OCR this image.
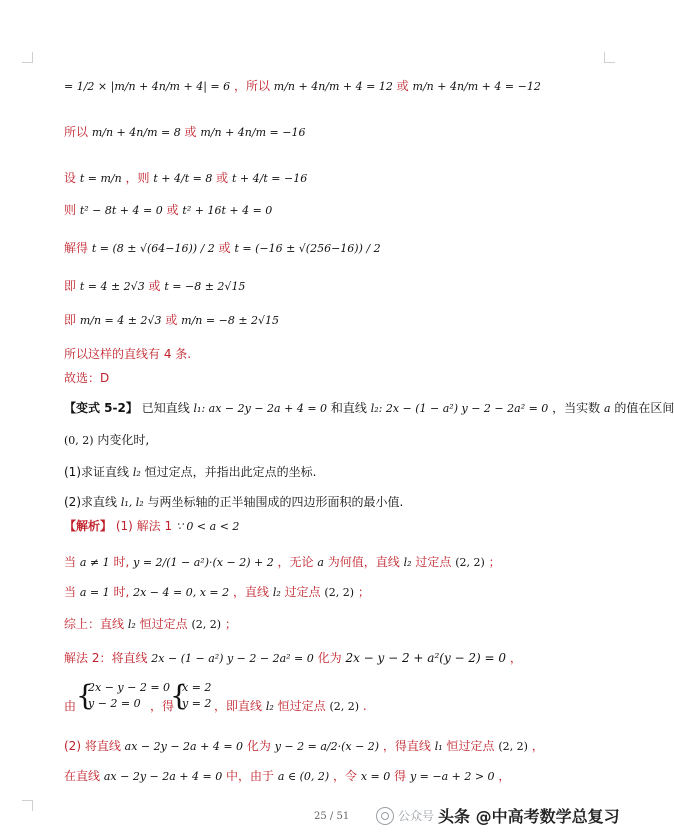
= 1/2 × |m/n + 4n/m + 4| = 6 ，所以 m/n + 4n/m + 4 = 12 或 m/n + 4n/m + 4 = −12
所以 m/n + 4n/m = 8 或 m/n + 4n/m = −16
设 t = m/n ，则 t + 4/t = 8 或 t + 4/t = −16
则 t² − 8t + 4 = 0 或 t² + 16t + 4 = 0
解得 t = (8 ± √(64−16)) / 2 或 t = (−16 ± √(256−16)) / 2
即 t = 4 ± 2√3 或 t = −8 ± 2√15
即 m/n = 4 ± 2√3 或 m/n = −8 ± 2√15
所以这样的直线有 4 条.
故选：D
【变式 5-2】 已知直线 l₁: ax − 2y − 2a + 4 = 0 和直线 l₂: 2x − (1 − a²) y − 2 − 2a² = 0 ，当实数 a 的值在区间
(0, 2) 内变化时,
(1)求证直线 l₂ 恒过定点，并指出此定点的坐标.
(2)求直线 l₁, l₂ 与两坐标轴的正半轴围成的四边形面积的最小值.
【解析】 (1) 解法 1 ∵ 0 < a < 2
当 a ≠ 1 时, y = 2/(1 − a²)·(x − 2) + 2 ，无论 a 为何值，直线 l₂ 过定点 (2, 2) ；
当 a = 1 时, 2x − 4 = 0, x = 2 ，直线 l₂ 过定点 (2, 2) ；
综上：直线 l₂ 恒过定点 (2, 2) ；
解法 2：将直线 2x − (1 − a²) y − 2 − 2a² = 0 化为 2x − y − 2 + a²(y − 2) = 0 ，
由 {
2x − y − 2 = 0
y − 2 = 0 ，得
{
x = 2
y = 2 ，即直线 l₂ 恒过定点 (2, 2) .
(2) 将直线 ax − 2y − 2a + 4 = 0 化为 y − 2 = a/2·(x − 2) ，得直线 l₁ 恒过定点 (2, 2) ，
在直线 ax − 2y − 2a + 4 = 0 中，由于 a ∈ (0, 2) ，令 x = 0 得 y = −a + 2 > 0 ，
25 / 51	公众号 头条 @中高考数学总复习
